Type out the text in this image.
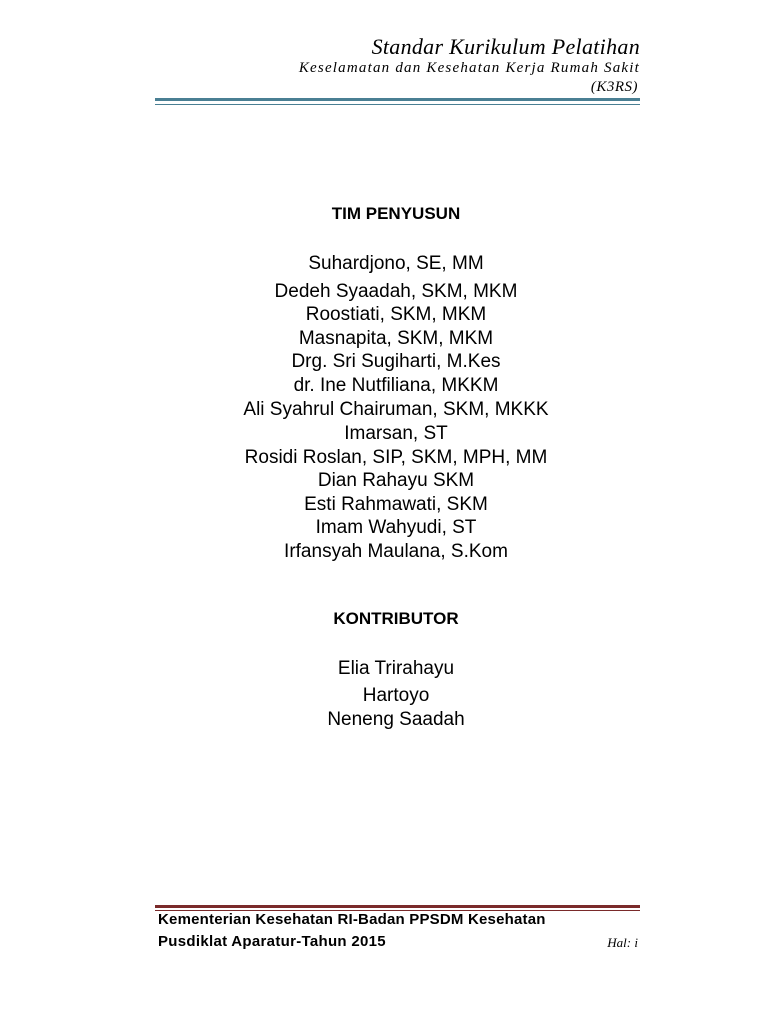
Standar Kurikulum Pelatihan
Keselamatan dan Kesehatan Kerja Rumah Sakit
(K3RS)
TIM PENYUSUN
Suhardjono, SE, MM
Dedeh Syaadah, SKM, MKM
Roostiati, SKM, MKM
Masnapita, SKM, MKM
Drg. Sri Sugiharti, M.Kes
dr. Ine Nutfiliana, MKKM
Ali Syahrul Chairuman, SKM, MKKK
Imarsan, ST
Rosidi Roslan, SIP, SKM, MPH, MM
Dian Rahayu SKM
Esti Rahmawati, SKM
Imam Wahyudi, ST
Irfansyah Maulana, S.Kom
KONTRIBUTOR
Elia Trirahayu
Hartoyo
Neneng Saadah
Kementerian Kesehatan RI-Badan PPSDM Kesehatan
Pusdiklat Aparatur-Tahun 2015	Hal: i
